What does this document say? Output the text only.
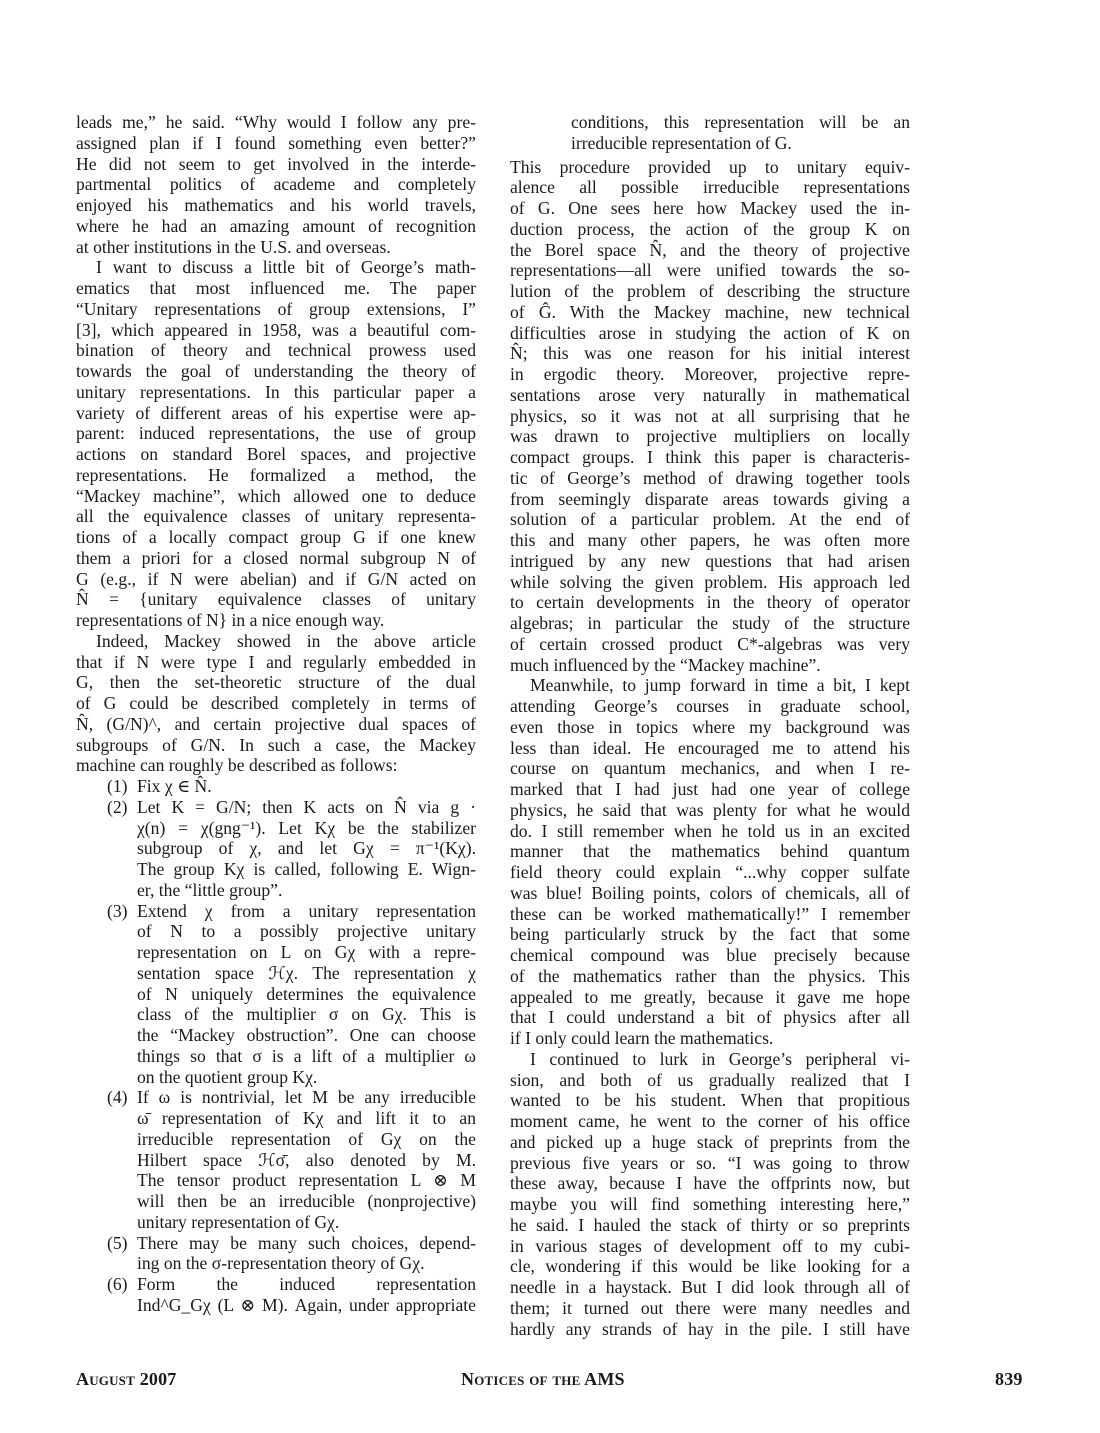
leads me,” he said. “Why would I follow any pre-
assigned plan if I found something even better?”
He did not seem to get involved in the interde-
partmental politics of academe and completely
enjoyed his mathematics and his world travels,
where he had an amazing amount of recognition
at other institutions in the U.S. and overseas.
I want to discuss a little bit of George’s math-
ematics that most influenced me. The paper
“Unitary representations of group extensions, I”
[3], which appeared in 1958, was a beautiful com-
bination of theory and technical prowess used
towards the goal of understanding the theory of
unitary representations. In this particular paper a
variety of different areas of his expertise were ap-
parent: induced representations, the use of group
actions on standard Borel spaces, and projective
representations. He formalized a method, the
“Mackey machine”, which allowed one to deduce
all the equivalence classes of unitary representa-
tions of a locally compact group G if one knew
them a priori for a closed normal subgroup N of
G (e.g., if N were abelian) and if G/N acted on
N̂ = {unitary equivalence classes of unitary
representations of N} in a nice enough way.
Indeed, Mackey showed in the above article
that if N were type I and regularly embedded in
G, then the set-theoretic structure of the dual
of G could be described completely in terms of
N̂, (G/N)^, and certain projective dual spaces of
subgroups of G/N. In such a case, the Mackey
machine can roughly be described as follows:
(1) Fix χ ∈ N̂.
(2) Let K = G/N; then K acts on N̂ via g ·
χ(n) = χ(gng⁻¹). Let Kχ be the stabilizer
subgroup of χ, and let Gχ = π⁻¹(Kχ).
The group Kχ is called, following E. Wign-
er, the “little group”.
(3) Extend χ from a unitary representation
of N to a possibly projective unitary
representation on L on Gχ with a repre-
sentation space ℋχ. The representation χ
of N uniquely determines the equivalence
class of the multiplier σ on Gχ. This is
the “Mackey obstruction”. One can choose
things so that σ is a lift of a multiplier ω
on the quotient group Kχ.
(4) If ω is nontrivial, let M be any irreducible
ω̄ representation of Kχ and lift it to an
irreducible representation of Gχ on the
Hilbert space ℋσ̄, also denoted by M.
The tensor product representation L ⊗ M
will then be an irreducible (nonprojective)
unitary representation of Gχ.
(5) There may be many such choices, depend-
ing on the σ-representation theory of Gχ.
(6) Form the induced representation
Ind^G_Gχ (L ⊗ M). Again, under appropriate
conditions, this representation will be an
irreducible representation of G.
This procedure provided up to unitary equiv-
alence all possible irreducible representations
of G. One sees here how Mackey used the in-
duction process, the action of the group K on
the Borel space N̂, and the theory of projective
representations—all were unified towards the so-
lution of the problem of describing the structure
of Ĝ. With the Mackey machine, new technical
difficulties arose in studying the action of K on
N̂; this was one reason for his initial interest
in ergodic theory. Moreover, projective repre-
sentations arose very naturally in mathematical
physics, so it was not at all surprising that he
was drawn to projective multipliers on locally
compact groups. I think this paper is characteris-
tic of George’s method of drawing together tools
from seemingly disparate areas towards giving a
solution of a particular problem. At the end of
this and many other papers, he was often more
intrigued by any new questions that had arisen
while solving the given problem. His approach led
to certain developments in the theory of operator
algebras; in particular the study of the structure
of certain crossed product C*-algebras was very
much influenced by the “Mackey machine”.
Meanwhile, to jump forward in time a bit, I kept
attending George’s courses in graduate school,
even those in topics where my background was
less than ideal. He encouraged me to attend his
course on quantum mechanics, and when I re-
marked that I had just had one year of college
physics, he said that was plenty for what he would
do. I still remember when he told us in an excited
manner that the mathematics behind quantum
field theory could explain “...why copper sulfate
was blue! Boiling points, colors of chemicals, all of
these can be worked mathematically!” I remember
being particularly struck by the fact that some
chemical compound was blue precisely because
of the mathematics rather than the physics. This
appealed to me greatly, because it gave me hope
that I could understand a bit of physics after all
if I only could learn the mathematics.
I continued to lurk in George’s peripheral vi-
sion, and both of us gradually realized that I
wanted to be his student. When that propitious
moment came, he went to the corner of his office
and picked up a huge stack of preprints from the
previous five years or so. “I was going to throw
these away, because I have the offprints now, but
maybe you will find something interesting here,”
he said. I hauled the stack of thirty or so preprints
in various stages of development off to my cubi-
cle, wondering if this would be like looking for a
needle in a haystack. But I did look through all of
them; it turned out there were many needles and
hardly any strands of hay in the pile. I still have
August 2007	Notices of the AMS	839
